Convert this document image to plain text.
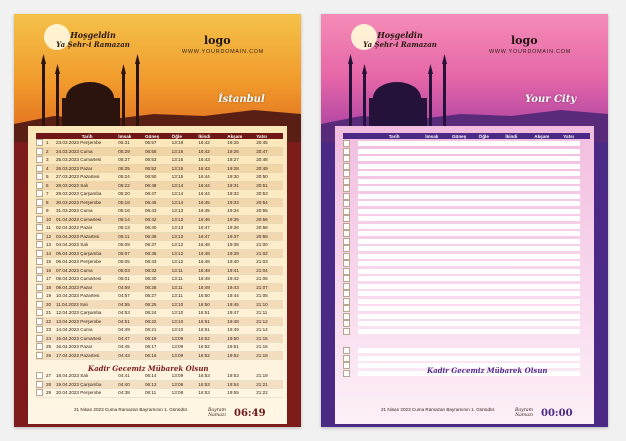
Hoşgeldin
Ya Şehr-i Ramazan	logo
WWW.YOURDOMAIN.COM
İstanbul
		Tarih	İmsak	Güneş	Öğle	İkindi	Akşam	Yatsı
	1	23.03.2023 Perşembe	05:31	06:57	13:16	16:42	19:25	20:45
	2	24.03.2023 Cuma	05:29	06:55	13:16	16:42	19:26	20:47
	3	25.03.2023 Cumartesi	05:27	06:53	13:15	16:43	19:27	20:48
	4	26.03.2023 Pazar	05:25	06:52	13:15	16:43	19:28	20:49
	5	27.03.2023 Pazartesi	05:24	06:50	13:15	16:44	19:30	20:50
	6	28.03.2023 Salı	05:22	06:48	13:14	16:44	19:31	20:51
	7	29.03.2023 Çarşamba	05:20	06:47	13:14	16:44	19:32	20:53
	8	30.03.2023 Perşembe	05:18	06:45	13:14	16:45	19:33	20:54
	9	31.03.2023 Cuma	05:16	06:43	13:13	16:45	19:34	20:55
	10	01.04.2023 Cumartesi	05:14	06:42	13:13	16:46	19:35	20:56
	11	02.04.2023 Pazar	05:13	06:40	13:13	16:47	19:36	20:58
	12	03.04.2023 Pazartesi	05:11	06:38	13:13	16:47	19:37	20:59
	13	04.04.2023 Salı	05:09	06:37	13:12	16:48	19:38	21:00
	14	05.04.2023 Çarşamba	05:07	06:35	13:12	16:48	19:39	21:02
	15	06.04.2023 Perşembe	05:05	06:33	13:12	16:48	19:40	21:03
	16	07.04.2023 Cuma	05:03	06:32	13:11	16:49	19:41	21:04
	17	08.04.2023 Cumartesi	05:01	06:30	13:11	16:49	19:42	21:06
	18	09.04.2023 Pazar	04:59	06:28	13:11	16:49	19:43	21:07
	19	10.04.2023 Pazartesi	04:57	06:27	13:11	16:50	19:44	21:08
	20	11.04.2023 Salı	04:55	06:25	13:10	16:50	19:45	21:10
	21	12.04.2023 Çarşamba	04:53	06:24	13:10	16:51	19:47	21:11
	22	13.04.2023 Perşembe	04:51	06:22	13:10	16:51	19:48	21:12
	23	14.04.2023 Cuma	04:49	06:21	13:10	16:51	19:49	21:14
	24	15.04.2023 Cumartesi	04:47	06:19	13:09	16:52	19:50	21:15
	25	16.04.2023 Pazar	04:45	06:17	13:09	16:52	19:51	21:16
	26	17.04.2023 Pazartesi	04:43	06:16	13:09	16:52	19:52	21:18

	27	18.04.2023 Salı	04:41	06:14	13:09	16:53	19:53	21:19
	28	19.04.2023 Çarşamba	04:40	06:13	13:08	16:53	19:54	21:21
	29	20.04.2023 Perşembe	04:38	06:11	13:08	16:53	19:55	21:22
Kadir Gecemiz Mübarek Olsun
21 Nisan 2023 Cuma Ramazan Bayramının 1. Günüdür.	Bayram
Namazı 06:49
Hoşgeldin
Ya Şehr-i Ramazan	logo
WWW.YOURDOMAIN.COM
Your City
		Tarih	İmsak	Güneş	Öğle	İkindi	Akşam	Yatsı
Kadir Gecemiz Mübarek Olsun
21 Nisan 2023 Cuma Ramazan Bayramının 1. Günüdür.	Bayram
Namazı 00:00
